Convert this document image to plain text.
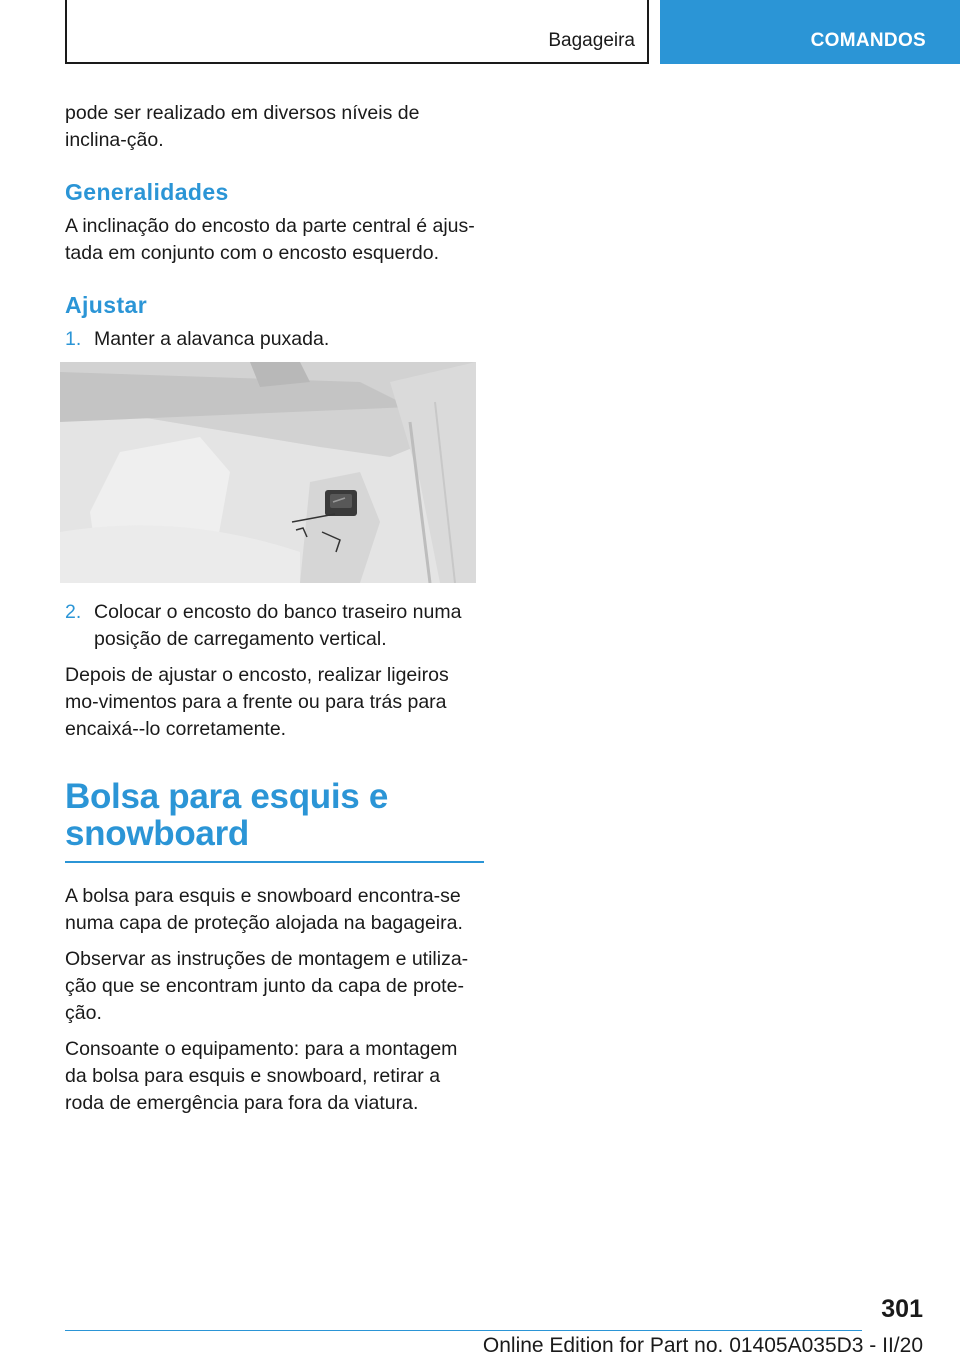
Bagageira	COMANDOS

pode ser realizado em diversos níveis de inclina-ção.

Generalidades

A inclinação do encosto da parte central é ajus-tada em conjunto com o encosto esquerdo.

Ajustar
1. Manter a alavanca puxada.
2. Colocar o encosto do banco traseiro numa posição de carregamento vertical.

Depois de ajustar o encosto, realizar ligeiros mo-vimentos para a frente ou para trás para encaixá--lo corretamente.

Bolsa para esquis e snowboard

A bolsa para esquis e snowboard encontra-se numa capa de proteção alojada na bagageira.

Observar as instruções de montagem e utiliza-ção que se encontram junto da capa de prote-ção.

Consoante o equipamento: para a montagem da bolsa para esquis e snowboard, retirar a roda de emergência para fora da viatura.

301
Online Edition for Part no. 01405A035D3 - II/20
